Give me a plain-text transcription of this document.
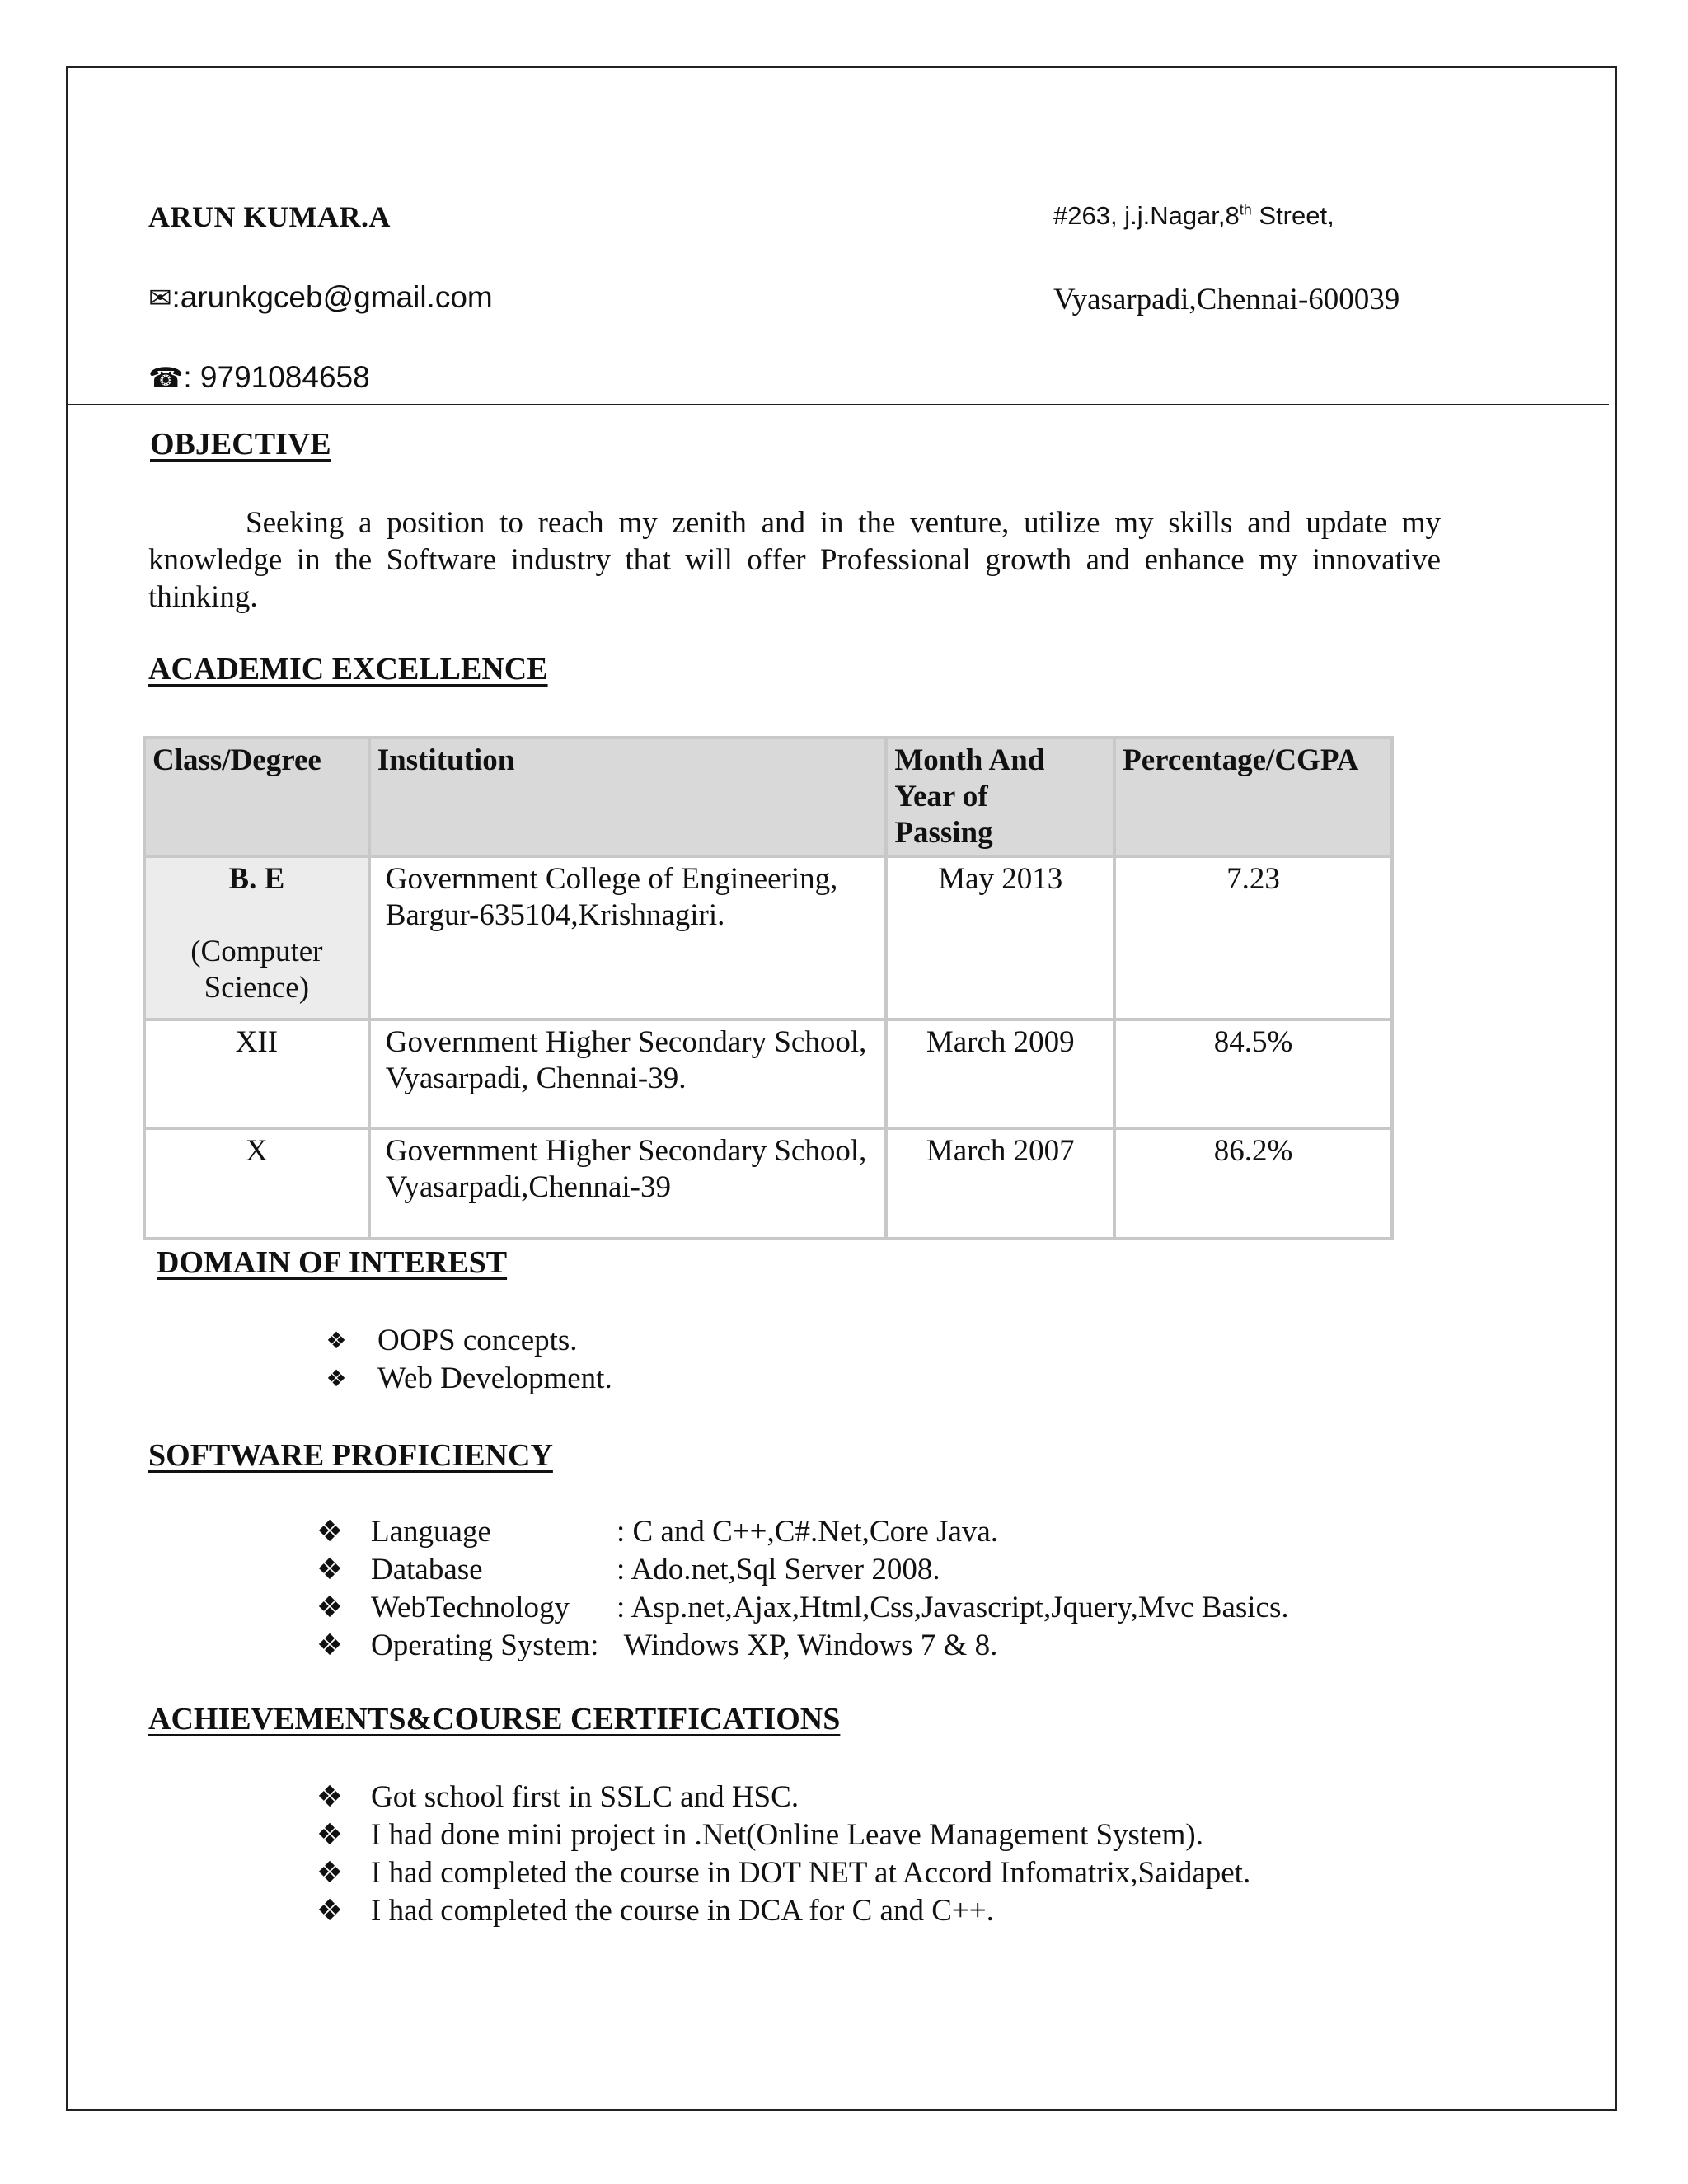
ARUN KUMAR.A
✉:arunkgceb@gmail.com
☎: 9791084658
#263, j.j.Nagar,8th Street,
Vyasarpadi,Chennai-600039
OBJECTIVE
Seeking a position to reach my zenith and in the venture, utilize my skills and update my knowledge in the Software industry that will offer Professional growth and enhance my innovative thinking.
ACADEMIC EXCELLENCE
Class/Degree	Institution	Month And Year of Passing	Percentage/CGPA

B. E
(Computer Science)	Government College of Engineering, Bargur-635104,Krishnagiri.	May 2013	7.23
XII	Government Higher Secondary School, Vyasarpadi, Chennai-39.	March 2009	84.5%
X	Government Higher Secondary School, Vyasarpadi,Chennai-39	March 2007	86.2%
DOMAIN OF INTEREST
❖ OOPS concepts.
❖ Web Development.
SOFTWARE PROFICIENCY
❖ Language	: C and C++,C#.Net,Core Java.
❖ Database	: Ado.net,Sql Server 2008.
❖ WebTechnology : Asp.net,Ajax,Html,Css,Javascript,Jquery,Mvc Basics.
❖ Operating System: Windows XP, Windows 7 & 8.
ACHIEVEMENTS&COURSE CERTIFICATIONS
❖ Got school first in SSLC and HSC.
❖ I had done mini project in .Net(Online Leave Management System).
❖ I had completed the course in DOT NET at Accord Infomatrix,Saidapet.
❖ I had completed the course in DCA for C and C++.
